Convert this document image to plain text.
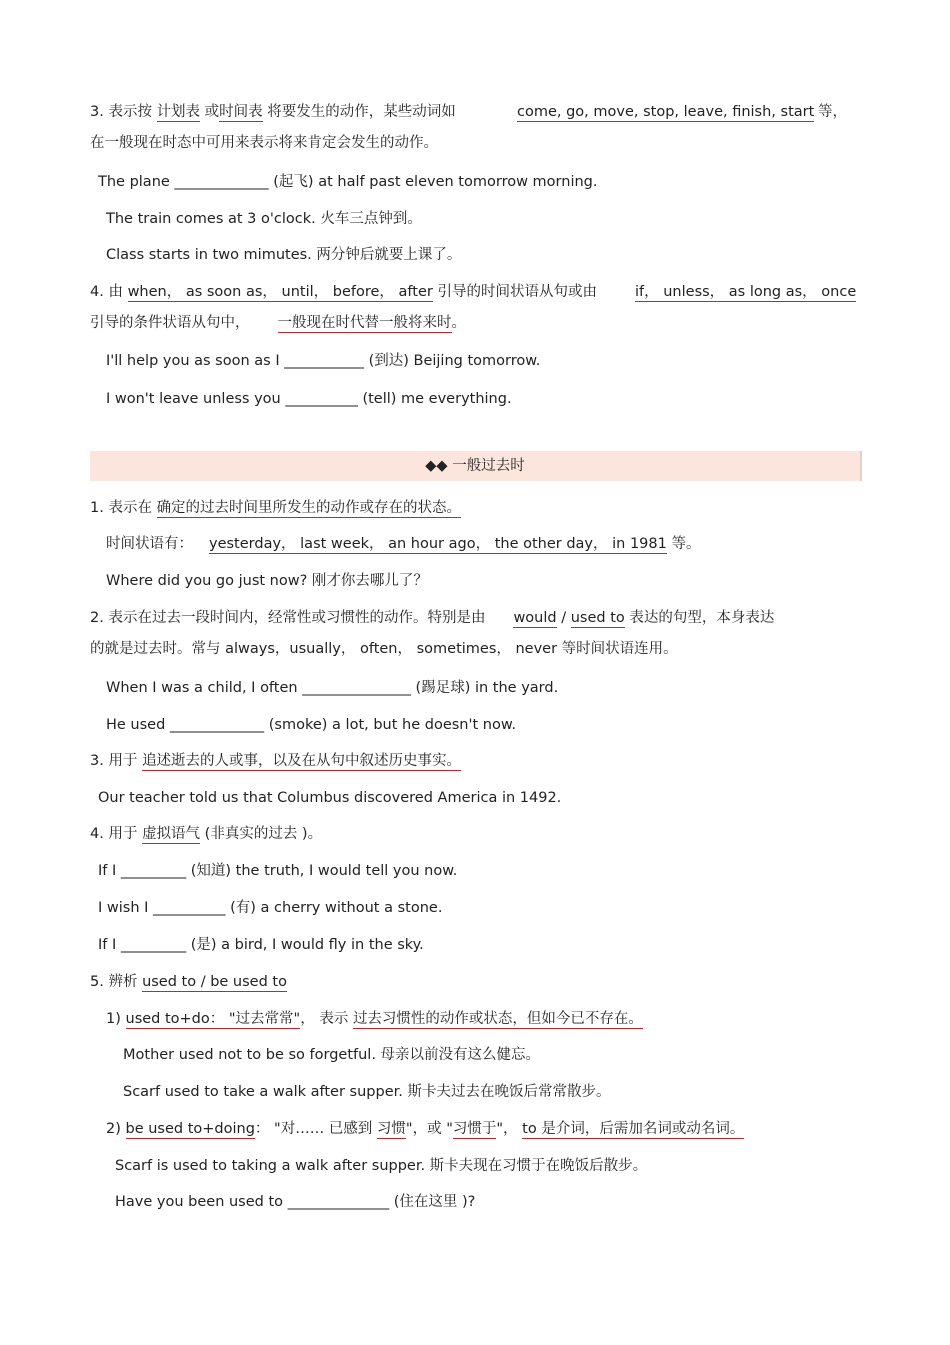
3. 表示按 计划表 或时间表 将要发生的动作，某些动词如	come, go, move, stop, leave, finish, start 等，
在一般现在时态中可用来表示将来肯定会发生的动作。
The plane _____________ (起飞) at half past eleven tomorrow morning.
The train comes at 3 o'clock. 火车三点钟到。
Class starts in two mimutes. 两分钟后就要上课了。
4. 由 when， as soon as， until， before， after 引导的时间状语从句或由	if， unless， as long as， once
引导的条件状语从句中， 一般现在时代替一般将来时。
I'll help you as soon as I ___________ (到达) Beijing tomorrow.
I won't leave unless you __________ (tell) me everything.
◆◆ 一般过去时
1. 表示在 确定的过去时间里所发生的动作或存在的状态。
时间状语有： yesterday， last week， an hour ago， the other day， in 1981 等。
Where did you go just now? 刚才你去哪儿了？
2. 表示在过去一段时间内，经常性或习惯性的动作。特别是由 would / used to 表达的句型，本身表达
的就是过去时。常与 always，usually， often， sometimes， never 等时间状语连用。
When I was a child, I often _______________ (踢足球) in the yard.
He used _____________ (smoke) a lot, but he doesn't now.
3. 用于 追述逝去的人或事，以及在从句中叙述历史事实。
Our teacher told us that Columbus discovered America in 1492.
4. 用于 虚拟语气 (非真实的过去 )。
If I _________ (知道) the truth, I would tell you now.
I wish I __________ (有) a cherry without a stone.
If I _________ (是) a bird, I would fly in the sky.
5. 辨析 used to / be used to
1) used to+do： "过去常常"， 表示 过去习惯性的动作或状态，但如今已不存在。
Mother used not to be so forgetful. 母亲以前没有这么健忘。
Scarf used to take a walk after supper. 斯卡夫过去在晚饭后常常散步。
2) be used to+doing： "对…… 已感到 习惯"，或 "习惯于"， to 是介词，后需加名词或动名词。
Scarf is used to taking a walk after supper. 斯卡夫现在习惯于在晚饭后散步。
Have you been used to ______________ (住在这里 )?
